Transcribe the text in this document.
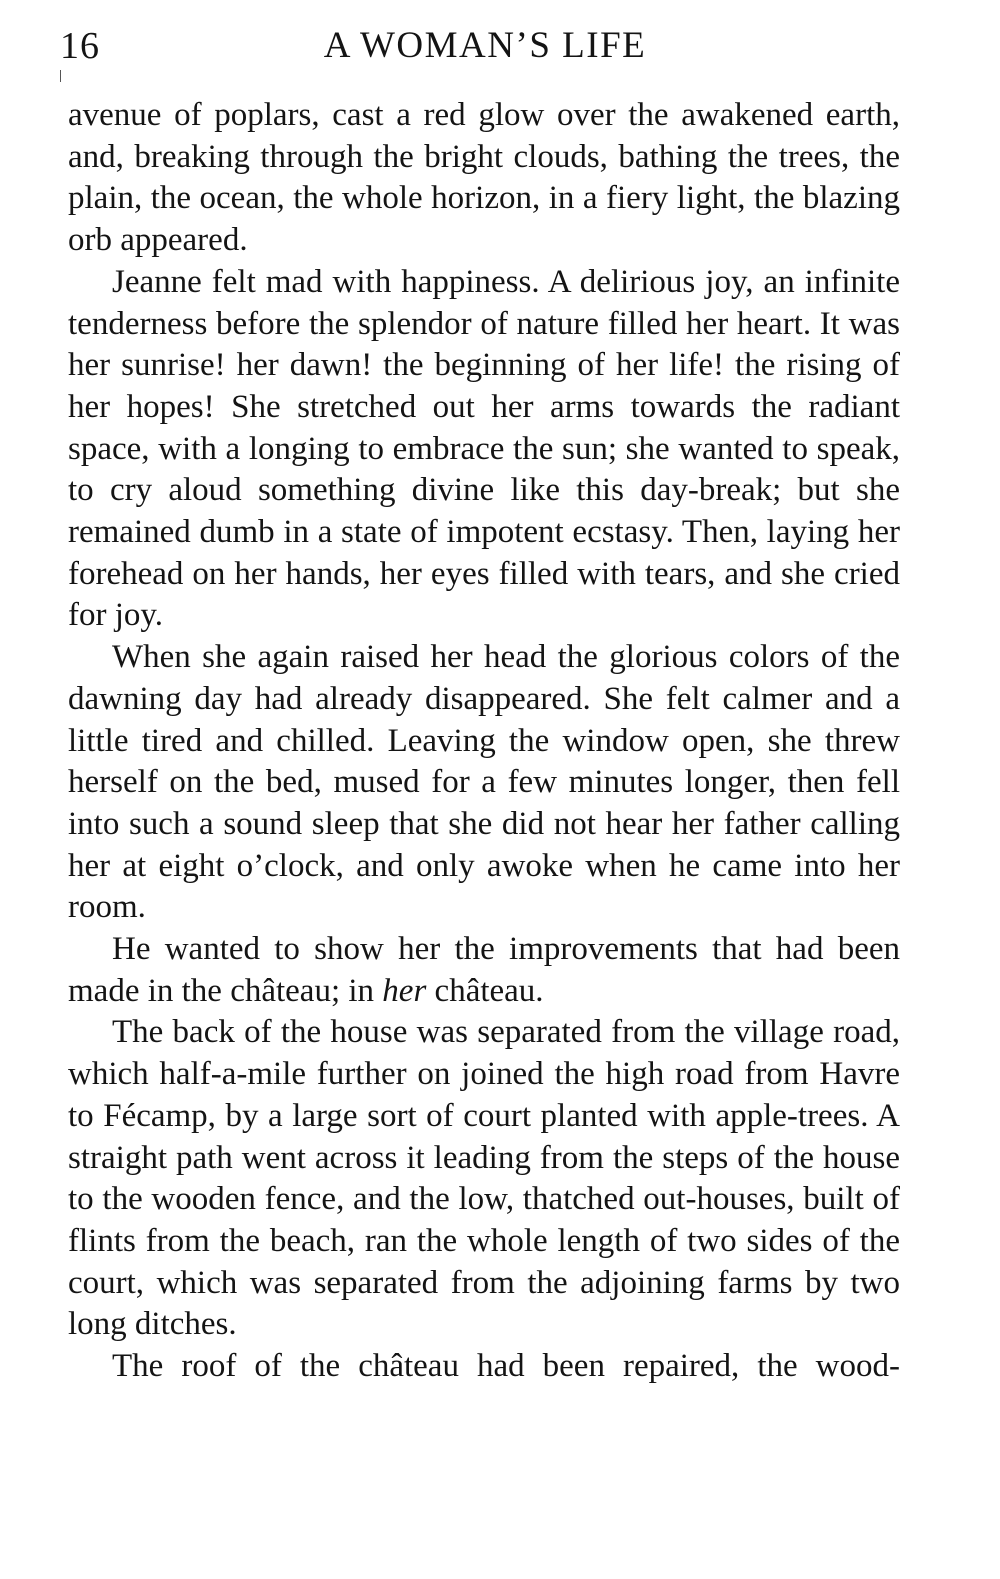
16	A WOMAN’S LIFE

avenue of poplars, cast a red glow over the awakened earth, and, breaking through the bright clouds, bathing the trees, the plain, the ocean, the whole horizon, in a fiery light, the blazing orb appeared.

Jeanne felt mad with happiness. A delirious joy, an infinite tenderness before the splendor of nature filled her heart. It was her sunrise! her dawn! the beginning of her life! the rising of her hopes! She stretched out her arms towards the radiant space, with a longing to embrace the sun; she wanted to speak, to cry aloud something divine like this day-break; but she remained dumb in a state of impotent ecstasy. Then, laying her forehead on her hands, her eyes filled with tears, and she cried for joy.

When she again raised her head the glorious colors of the dawning day had already disappeared. She felt calmer and a little tired and chilled. Leaving the window open, she threw herself on the bed, mused for a few minutes longer, then fell into such a sound sleep that she did not hear her father calling her at eight o’clock, and only awoke when he came into her room.

He wanted to show her the improvements that had been made in the château; in her château.

The back of the house was separated from the village road, which half-a-mile further on joined the high road from Havre to Fécamp, by a large sort of court planted with apple-trees. A straight path went across it leading from the steps of the house to the wooden fence, and the low, thatched out-houses, built of flints from the beach, ran the whole length of two sides of the court, which was separated from the adjoining farms by two long ditches.

The roof of the château had been repaired, the wood-
